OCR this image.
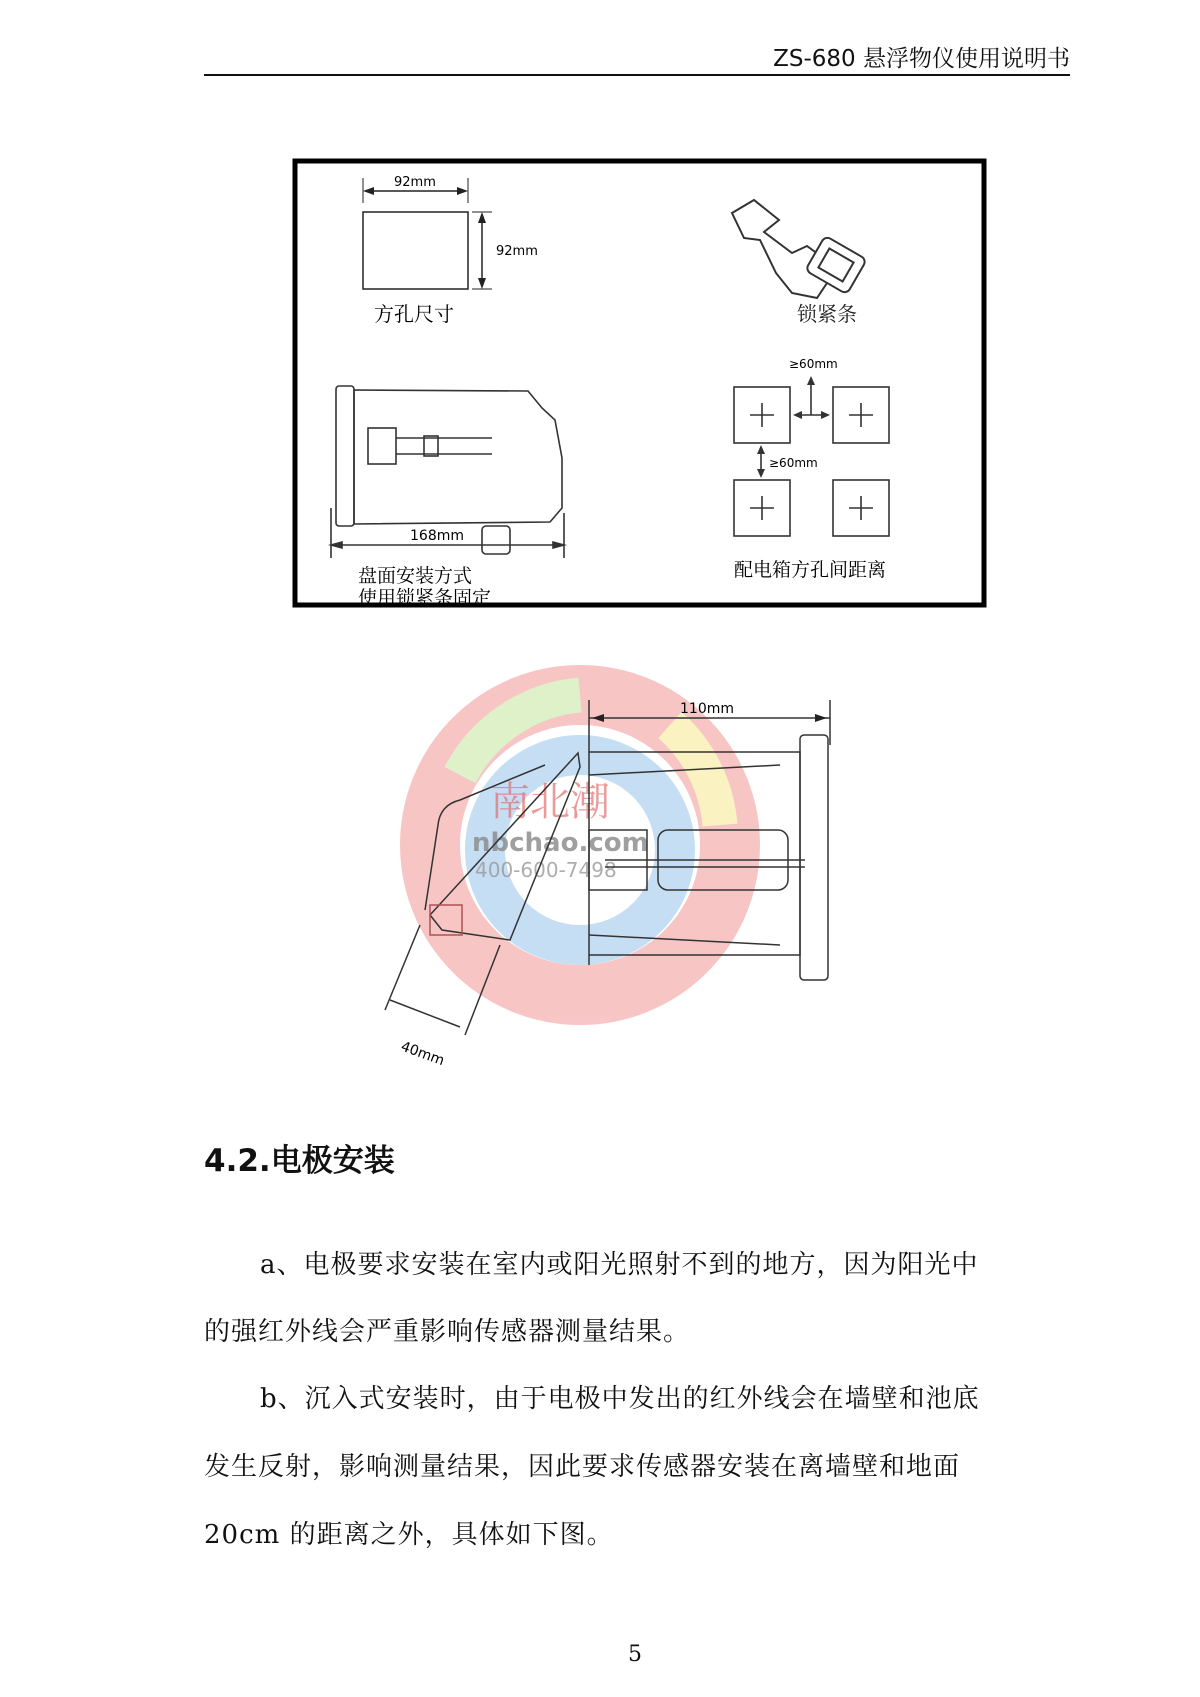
ZS-680 悬浮物仪使用说明书
92mm
92mm
方孔尺寸	锁紧条
168mm
盘面安装方式
使用锁紧条固定
≥60mm
≥60mm
配电箱方孔间距离
南北潮
nbchao.com
400-600-7498
110mm
40mm
4.2.电极安装
a、电极要求安装在室内或阳光照射不到的地方，因为阳光中
的强红外线会严重影响传感器测量结果。
b、沉入式安装时，由于电极中发出的红外线会在墙壁和池底
发生反射，影响测量结果，因此要求传感器安装在离墙壁和地面
20cm 的距离之外，具体如下图。
5
